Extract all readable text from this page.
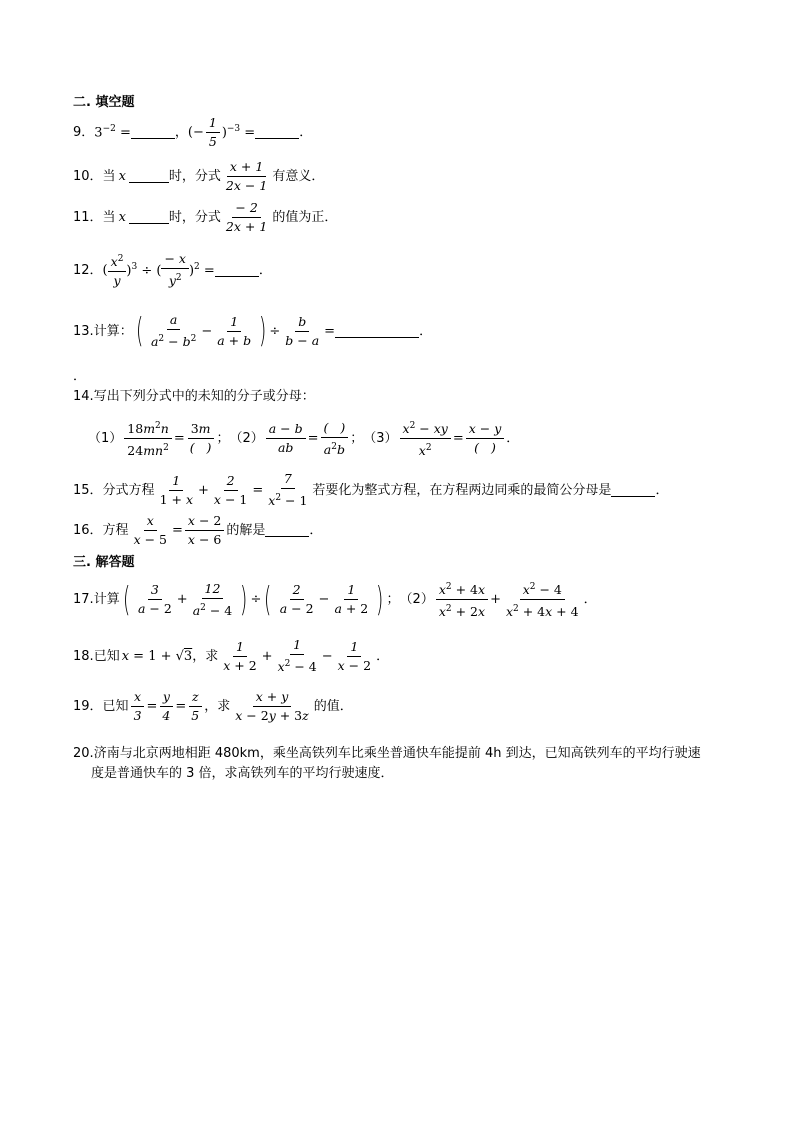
二. 填空题
9． $3^{-2}$ =	， (− $\frac{1}{5} )^{-3}$ =	．
10． 当 x	时，分式 $\frac{x + 1}{2x - 1}$ 有意义．
11． 当 x	时，分式 $\frac{- 2}{2x + 1}$ 的值为正．
12． ( $\frac{x^2}{y} )^3$ ÷ ( $\frac{- x}{y^2} )^2$ =	．
13. 计算： ( $\frac{a}{a^2 - b^2} - \frac{1}{a + b}$ ) ÷ $\frac{b}{b - a}$ =	．
．
14.写出下列分式中的未知的分子或分母：
$(1) \frac{18m^2n}{24mn^2} = \frac{3m}{( )}$ ； $(2) \frac{a - b}{ab} = \frac{( )}{a^2b}$ ； $(3) \frac{x^2 - xy}{x^2} = \frac{x - y}{( )}$ ．
15． 分式方程 $\frac{1}{1 + x} + \frac{2}{x - 1} = \frac{7}{x^2 - 1}$ 若要化为整式方程，在方程两边同乘的最简公分母是	．
16． 方程 $\frac{x}{x - 5} = \frac{x - 2}{x - 6}$ 的解是	．
三. 解答题
17. 计算 ( $\frac{3}{a - 2} + \frac{12}{a^2 - 4}$ ) ÷ ( $\frac{2}{a - 2} - \frac{1}{a + 2}$ ) ； $(2) \frac{x^2 + 4x}{x^2 + 2x} + \frac{x^2 - 4}{x^2 + 4x + 4}$ ．
18. 已知 x = 1 + √3 ，求 $\frac{1}{x + 2} + \frac{1}{x^2 - 4} - \frac{1}{x - 2}$ ．
19． 已知 $\frac{x}{3} = \frac{y}{4} = \frac{z}{5}$ ，求 $\frac{x + y}{x - 2y + 3z}$ 的值．
20.济南与北京两地相距 480km，乘坐高铁列车比乘坐普通快车能提前 4h 到达，已知高铁列车的平均行驶速
度是普通快车的 3 倍，求高铁列车的平均行驶速度．
